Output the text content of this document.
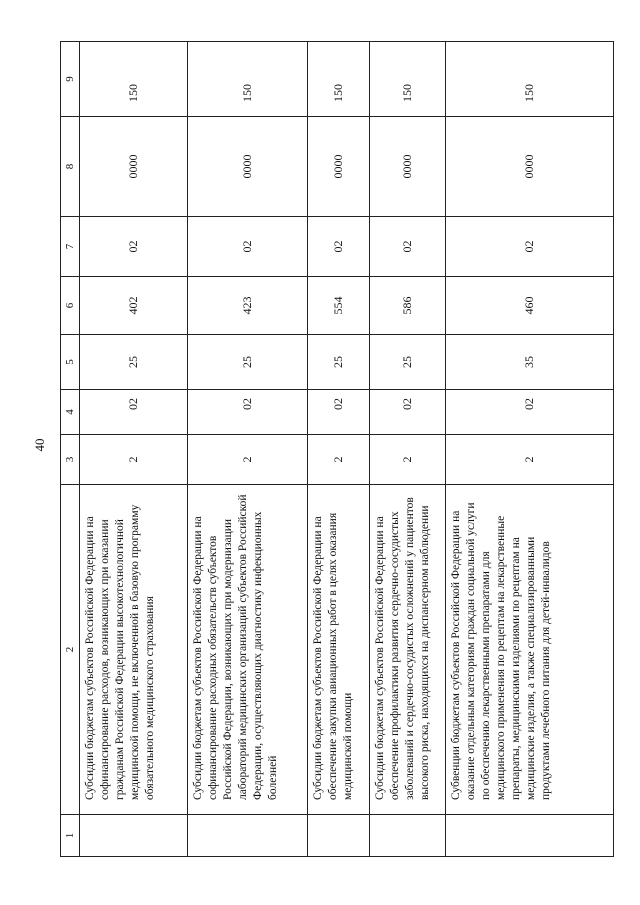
40
1	2	3	4	5	6	7	8	9
	Субсидии бюджетам субъектов Российской Федерации на софинансирование расходов, возникающих при оказании гражданам Российской Федерации высокотехнологичной медицинской помощи, не включенной в базовую программу обязательного медицинского страхования	2	02	25	402	02	0000	150
	Субсидии бюджетам субъектов Российской Федерации на софинансирование расходных обязательств субъектов Российской Федерации, возникающих при модернизации лабораторий медицинских организаций субъектов Российской Федерации, осуществляющих диагностику инфекционных болезней	2	02	25	423	02	0000	150
	Субсидии бюджетам субъектов Российской Федерации на обеспечение закупки авиационных работ в целях оказания медицинской помощи	2	02	25	554	02	0000	150
	Субсидии бюджетам субъектов Российской Федерации на обеспечение профилактики развития сердечно-сосудистых заболеваний и сердечно-сосудистых осложнений у пациентов высокого риска, находящихся на диспансерном наблюдении	2	02	25	586	02	0000	150
	Субвенции бюджетам субъектов Российской Федерации на оказание отдельным категориям граждан социальной услуги по обеспечению лекарственными препаратами для медицинского применения по рецептам на лекарственные препараты, медицинскими изделиями по рецептам на медицинские изделия, а также специализированными продуктами лечебного питания для детей-инвалидов	2	02	35	460	02	0000	150
